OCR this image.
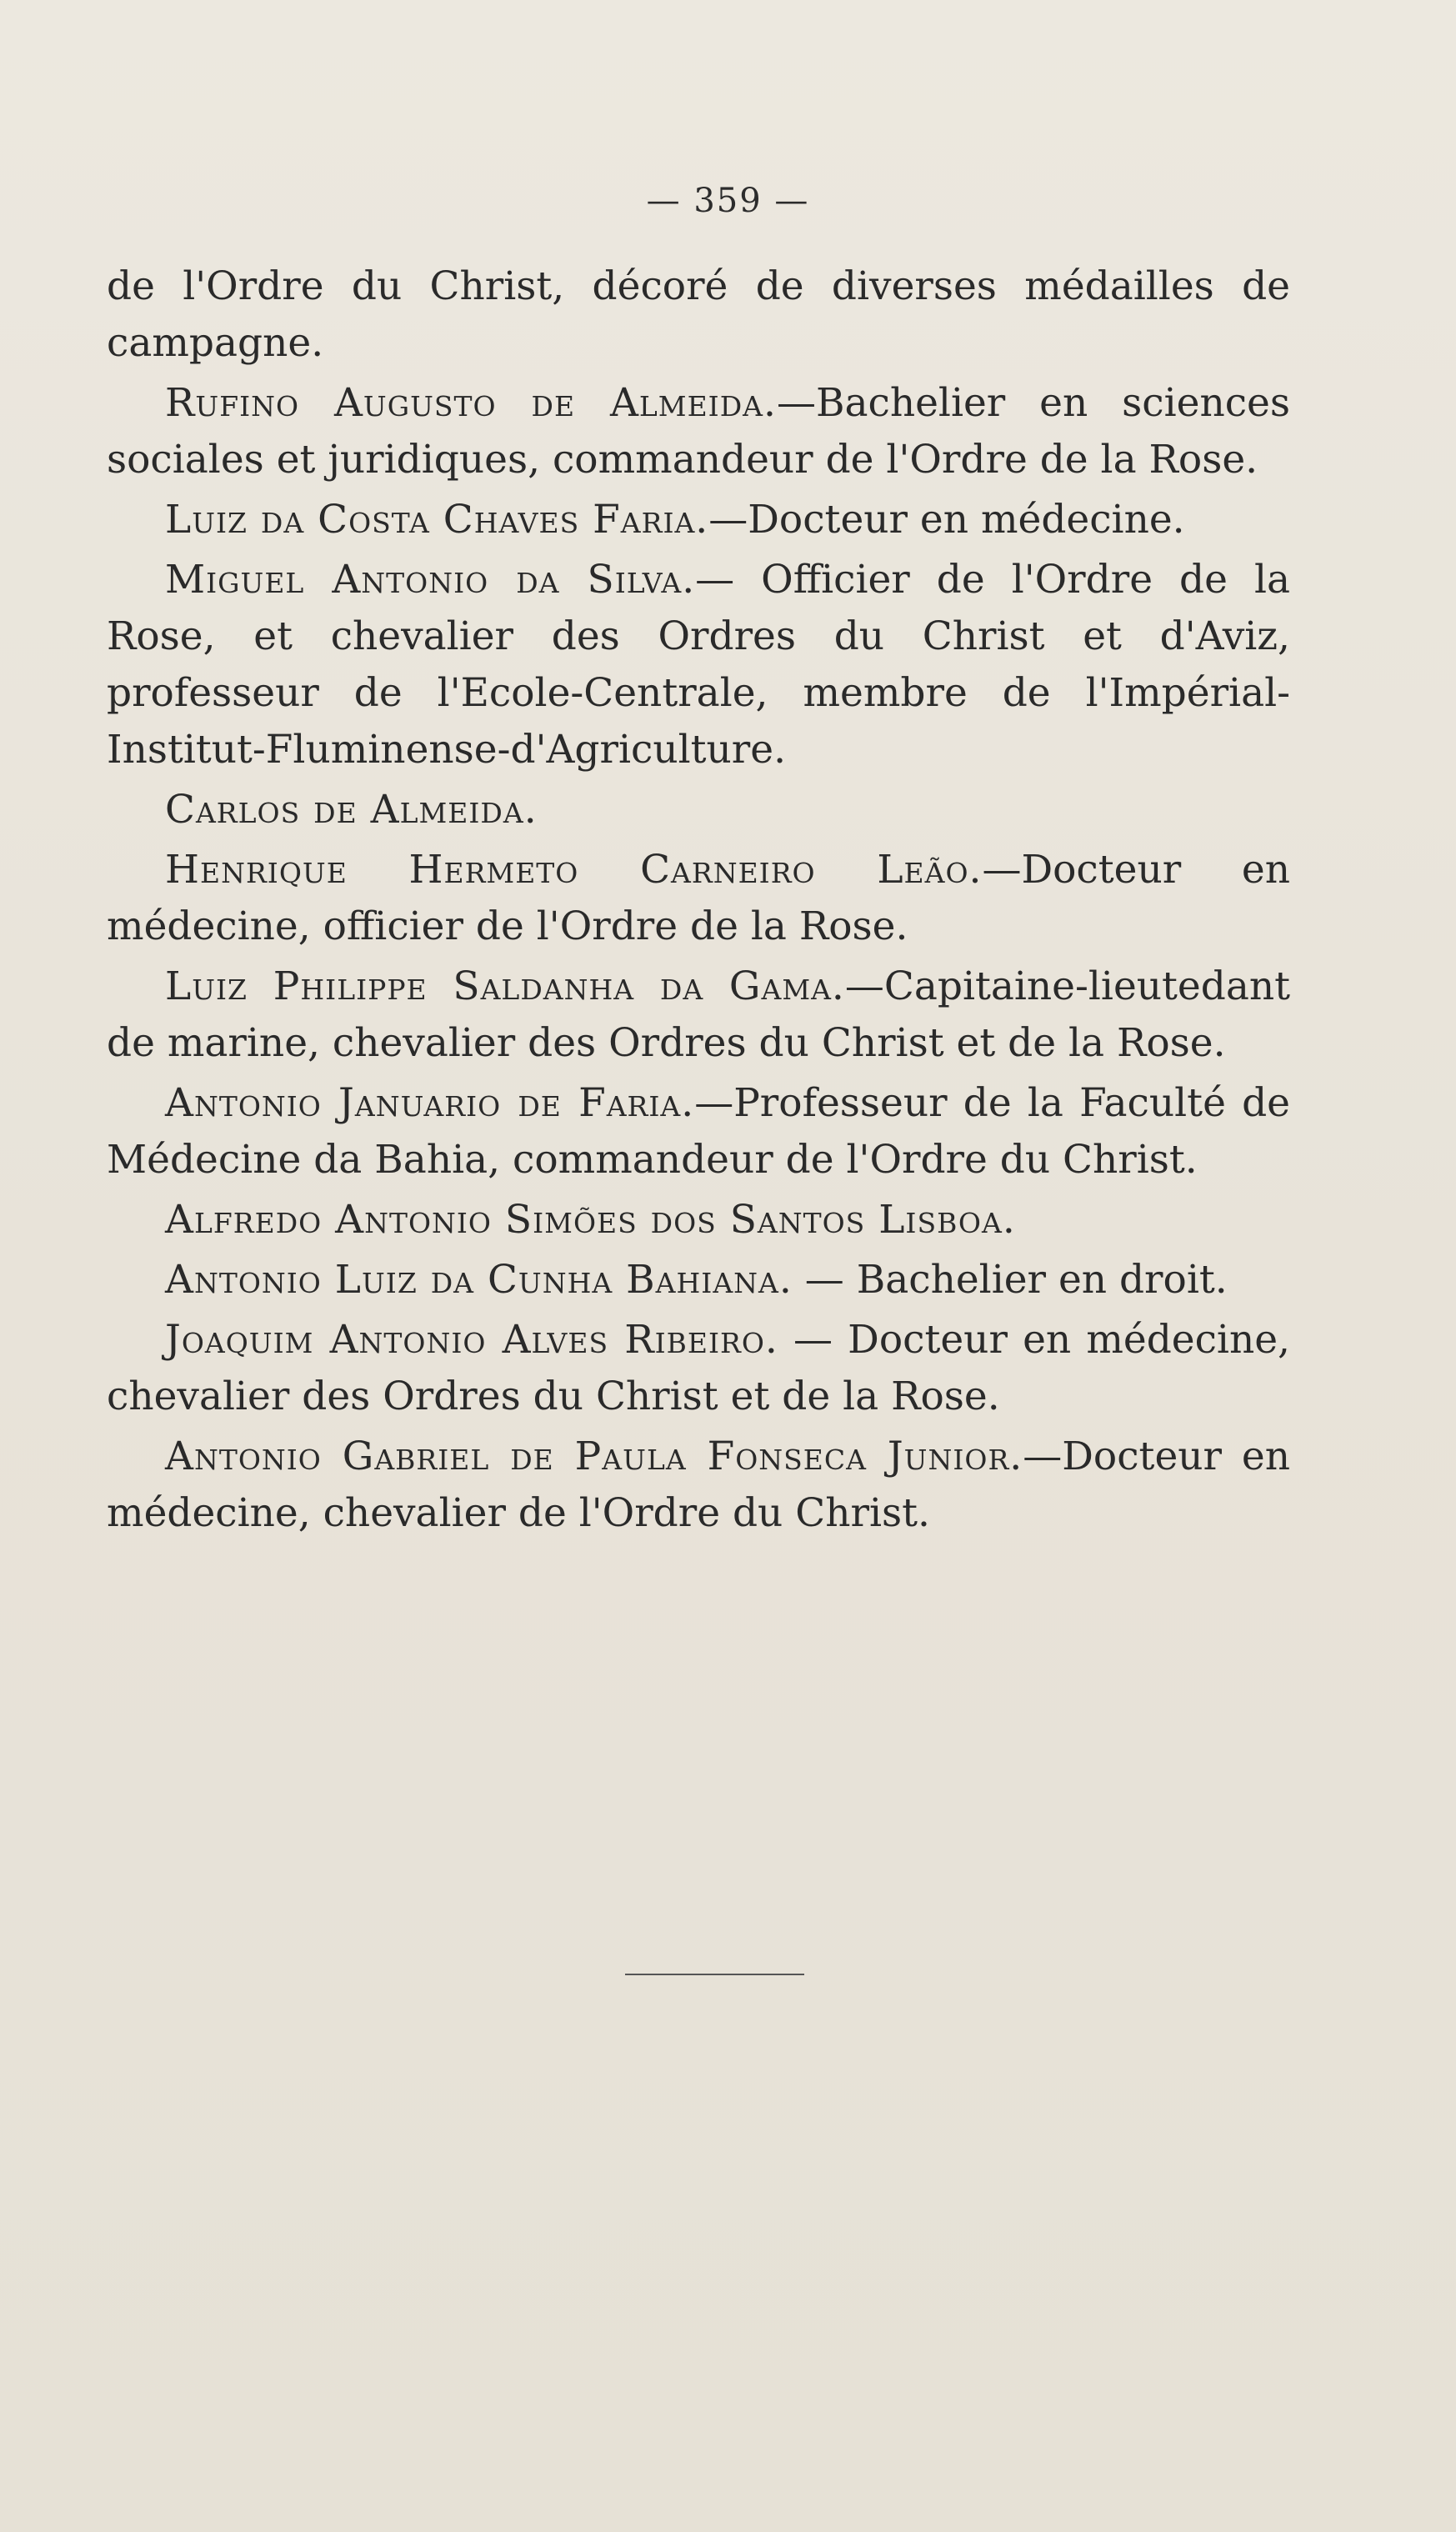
— 359 —

de l'Ordre du Christ, décoré de diverses médailles de campagne.

Rufino Augusto de Almeida.—Bachelier en sciences sociales et juridiques, commandeur de l'Ordre de la Rose.

Luiz da Costa Chaves Faria.—Docteur en médecine.

Miguel Antonio da Silva.— Officier de l'Ordre de la Rose, et chevalier des Ordres du Christ et d'Aviz, professeur de l'Ecole-Centrale, membre de l'Impérial-Institut-Fluminense-d'Agriculture.

Carlos de Almeida.

Henrique Hermeto Carneiro Leão.—Docteur en médecine, officier de l'Ordre de la Rose.

Luiz Philippe Saldanha da Gama.—Capitaine-lieutedant de marine, chevalier des Ordres du Christ et de la Rose.

Antonio Januario de Faria.—Professeur de la Faculté de Médecine da Bahia, commandeur de l'Ordre du Christ.

Alfredo Antonio Simões dos Santos Lisboa.

Antonio Luiz da Cunha Bahiana. — Bachelier en droit.

Joaquim Antonio Alves Ribeiro. — Docteur en médecine, chevalier des Ordres du Christ et de la Rose.

Antonio Gabriel de Paula Fonseca Junior.—Docteur en médecine, chevalier de l'Ordre du Christ.
